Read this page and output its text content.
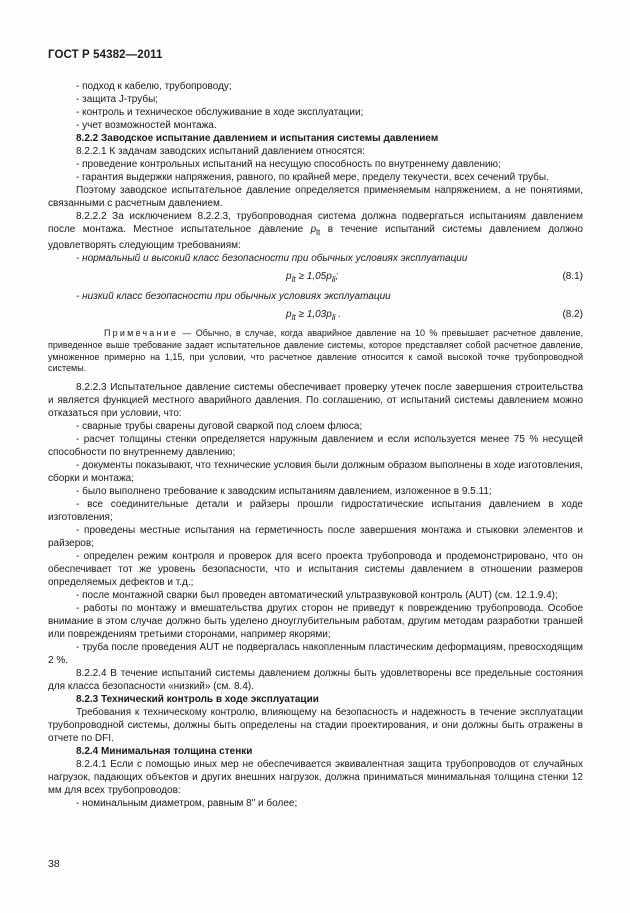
ГОСТ Р 54382—2011

- подход к кабелю, трубопроводу;

- защита J-трубы;

- контроль и техническое обслуживание в ходе эксплуатации;

- учет возможностей монтажа.

8.2.2 Заводское испытание давлением и испытания системы давлением

8.2.2.1 К задачам заводских испытаний давлением относятся:

- проведение контрольных испытаний на несущую способность по внутреннему давлению;

- гарантия выдержки напряжения, равного, по крайней мере, пределу текучести, всех сечений трубы.

Поэтому заводское испытательное давление определяется применяемым напряжением, а не понятиями, связанными с расчетным давлением.

8.2.2.2 За исключением 8.2.2.3, трубопроводная система должна подвергаться испытаниям давлением после монтажа. Местное испытательное давление $p_{lt}$ в течение испытаний системы давлением должно удовлетворять следующим требованиям:

- нормальный и высокий класс безопасности при обычных условиях эксплуатации

$p_{lt} \ge 1,05p_{li}$;	(8.1)

- низкий класс безопасности при обычных условиях эксплуатации

$p_{lt} \ge 1,03p_{li}$ .	(8.2)

Примечание — Обычно, в случае, когда аварийное давление на 10 % превышает расчетное давление, приведенное выше требование задает испытательное давление системы, которое представляет собой расчетное давление, умноженное примерно на 1,15, при условии, что расчетное давление относится к самой высокой точке трубопроводной системы.

8.2.2.3 Испытательное давление системы обеспечивает проверку утечек после завершения строительства и является функцией местного аварийного давления. По соглашению, от испытаний системы давлением можно отказаться при условии, что:

- сварные трубы сварены дуговой сваркой под слоем флюса;

- расчет толщины стенки определяется наружным давлением и если используется менее 75 % несущей способности по внутреннему давлению;

- документы показывают, что технические условия были должным образом выполнены в ходе изготовления, сборки и монтажа;

- было выполнено требование к заводским испытаниям давлением, изложенное в 9.5.11;

- все соединительные детали и райзеры прошли гидростатические испытания давлением в ходе изготовления;

- проведены местные испытания на герметичность после завершения монтажа и стыковки элементов и райзеров;

- определен режим контроля и проверок для всего проекта трубопровода и продемонстрировано, что он обеспечивает тот же уровень безопасности, что и испытания системы давлением в отношении размеров определяемых дефектов и т.д.;

- после монтажной сварки был проведен автоматический ультразвуковой контроль (AUT) (см. 12.1.9.4);

- работы по монтажу и вмешательства других сторон не приведут к повреждению трубопровода. Особое внимание в этом случае должно быть уделено дноуглубительным работам, другим методам разработки траншей или повреждениям третьими сторонами, например якорями;

- труба после проведения AUT не подвергалась накопленным пластическим деформациям, превосходящим 2 %.

8.2.2.4 В течение испытаний системы давлением должны быть удовлетворены все предельные состояния для класса безопасности «низкий» (см. 8.4).

8.2.3 Технический контроль в ходе эксплуатации

Требования к техническому контролю, влияющему на безопасность и надежность в течение эксплуатации трубопроводной системы, должны быть определены на стадии проектирования, и они должны быть отражены в отчете по DFI.

8.2.4 Минимальная толщина стенки

8.2.4.1 Если с помощью иных мер не обеспечивается эквивалентная защита трубопроводов от случайных нагрузок, падающих объектов и других внешних нагрузок, должна приниматься минимальная толщина стенки 12 мм для всех трубопроводов:

- номинальным диаметром, равным 8" и более;

38
